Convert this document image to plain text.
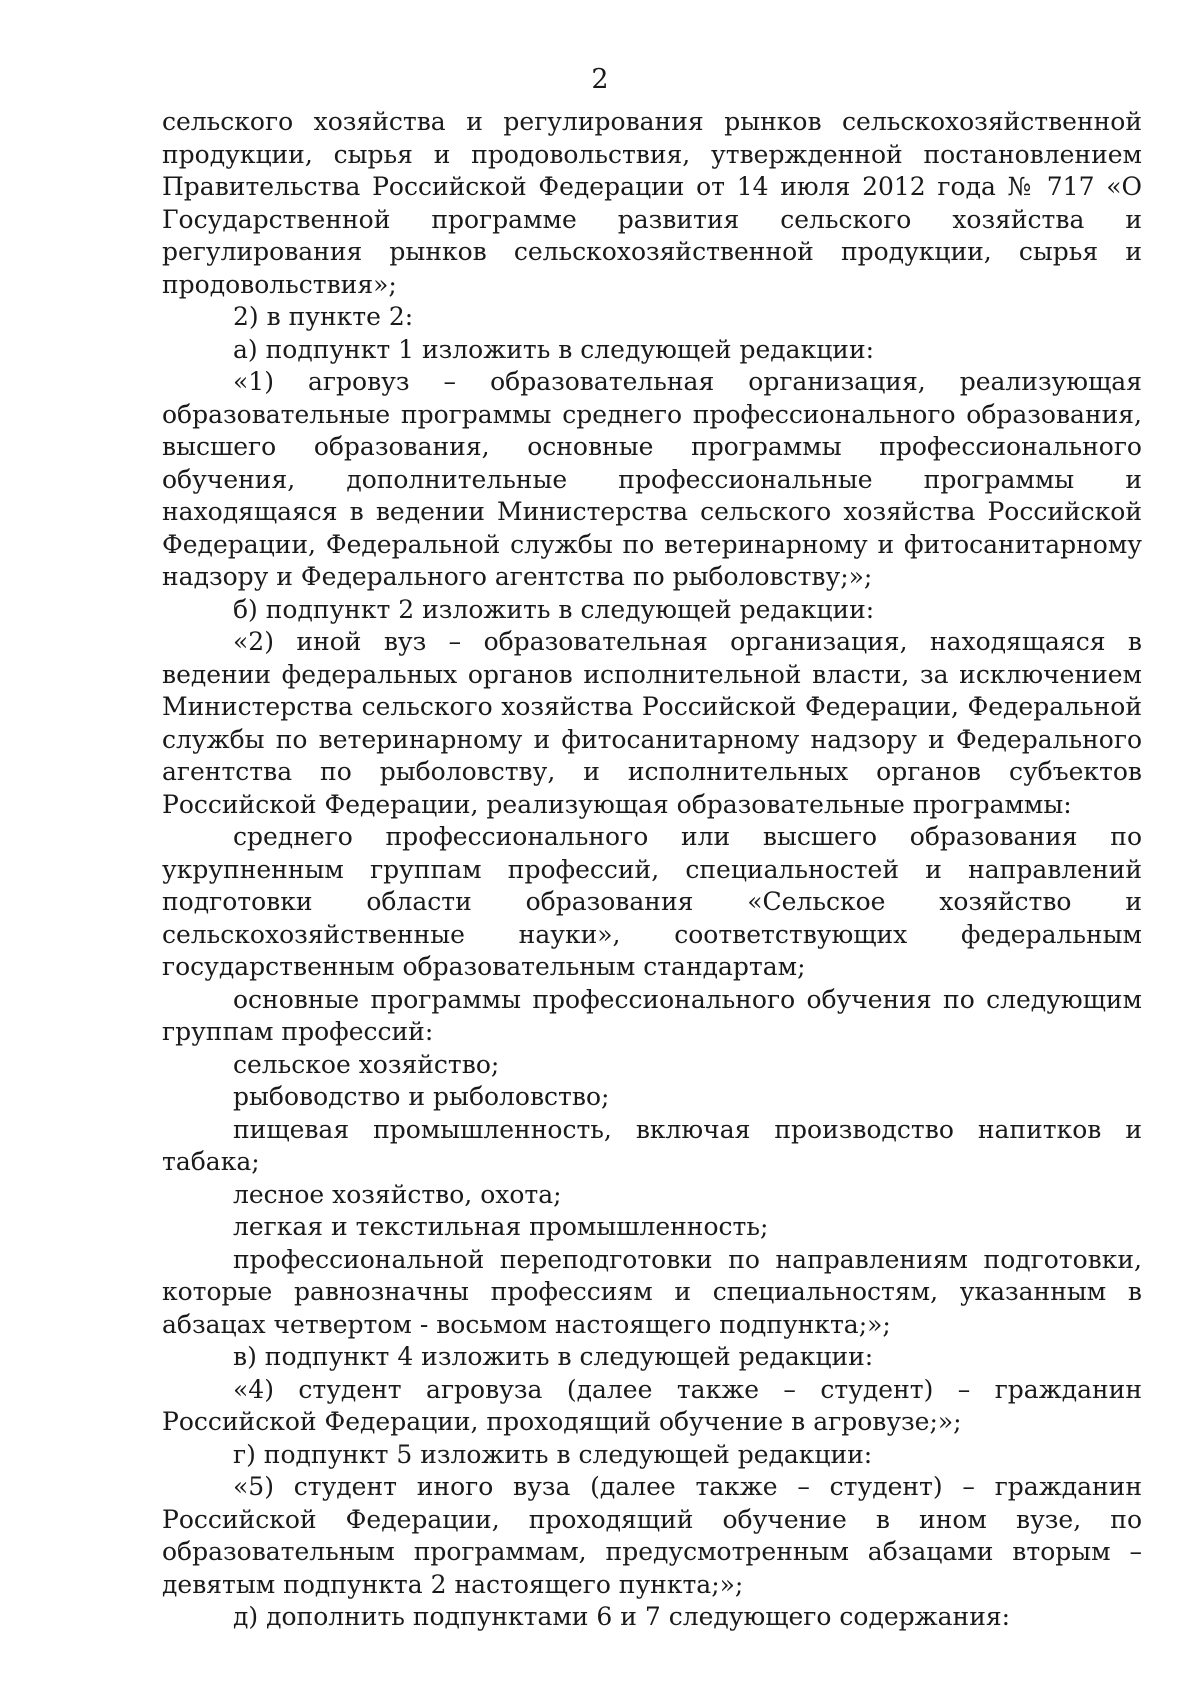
2

сельского хозяйства и регулирования рынков сельскохозяйственной продукции, сырья и продовольствия, утвержденной постановлением Правительства Российской Федерации от 14 июля 2012 года № 717 «О Государственной программе развития сельского хозяйства и регулирования рынков сельскохозяйственной продукции, сырья и продовольствия»;

2) в пункте 2:

а) подпункт 1 изложить в следующей редакции:

«1) агровуз – образовательная организация, реализующая образовательные программы среднего профессионального образования, высшего образования, основные программы профессионального обучения, дополнительные профессиональные программы и находящаяся в ведении Министерства сельского хозяйства Российской Федерации, Федеральной службы по ветеринарному и фитосанитарному надзору и Федерального агентства по рыболовству;»;

б) подпункт 2 изложить в следующей редакции:

«2) иной вуз – образовательная организация, находящаяся в ведении федеральных органов исполнительной власти, за исключением Министерства сельского хозяйства Российской Федерации, Федеральной службы по ветеринарному и фитосанитарному надзору и Федерального агентства по рыболовству, и исполнительных органов субъектов Российской Федерации, реализующая образовательные программы:

среднего профессионального или высшего образования по укрупненным группам профессий, специальностей и направлений подготовки области образования «Сельское хозяйство и сельскохозяйственные науки», соответствующих федеральным государственным образовательным стандартам;

основные программы профессионального обучения по следующим группам профессий:

сельское хозяйство;

рыбоводство и рыболовство;

пищевая промышленность, включая производство напитков и табака;

лесное хозяйство, охота;

легкая и текстильная промышленность;

профессиональной переподготовки по направлениям подготовки, которые равнозначны профессиям и специальностям, указанным в абзацах четвертом - восьмом настоящего подпункта;»;

в) подпункт 4 изложить в следующей редакции:

«4) студент агровуза (далее также – студент) – гражданин Российской Федерации, проходящий обучение в агровузе;»;

г) подпункт 5 изложить в следующей редакции:

«5) студент иного вуза (далее также – студент) – гражданин Российской Федерации, проходящий обучение в ином вузе, по образовательным программам, предусмотренным абзацами вторым – девятым подпункта 2 настоящего пункта;»;

д) дополнить подпунктами 6 и 7 следующего содержания:
